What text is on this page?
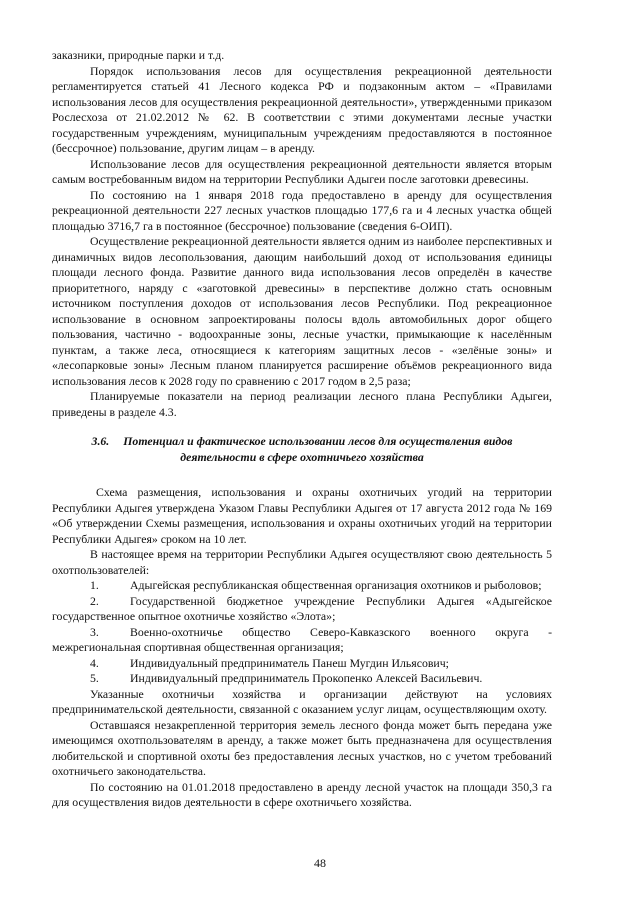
заказники, природные парки и т.д.

Порядок использования лесов для осуществления рекреационной деятельности регламентируется статьей 41 Лесного кодекса РФ и подзаконным актом – «Правилами использования лесов для осуществления рекреационной деятельности», утвержденными приказом Рослесхоза от 21.02.2012 № 62. В соответствии с этими документами лесные участки государственным учреждениям, муниципальным учреждениям предоставляются в постоянное (бессрочное) пользование, другим лицам – в аренду.

Использование лесов для осуществления рекреационной деятельности является вторым самым востребованным видом на территории Республики Адыгеи после заготовки древесины.

По состоянию на 1 января 2018 года предоставлено в аренду для осуществления рекреационной деятельности 227 лесных участков площадью 177,6 га и 4 лесных участка общей площадью 3716,7 га в постоянное (бессрочное) пользование (сведения 6-ОИП).

Осуществление рекреационной деятельности является одним из наиболее перспективных и динамичных видов лесопользования, дающим наибольший доход от использования единицы площади лесного фонда. Развитие данного вида использования лесов определён в качестве приоритетного, наряду с «заготовкой древесины» в перспективе должно стать основным источником поступления доходов от использования лесов Республики. Под рекреационное использование в основном запроектированы полосы вдоль автомобильных дорог общего пользования, частично - водоохранные зоны, лесные участки, примыкающие к населённым пунктам, а также леса, относящиеся к категориям защитных лесов - «зелёные зоны» и «лесопарковые зоны» Лесным планом планируется расширение объёмов рекреационного вида использования лесов к 2028 году по сравнению с 2017 годом в 2,5 раза;

Планируемые показатели на период реализации лесного плана Республики Адыгеи, приведены в разделе 4.3.

3.6. Потенциал и фактическое использовании лесов для осуществления видов деятельности в сфере охотничьего хозяйства

Схема размещения, использования и охраны охотничьих угодий на территории Республики Адыгея утверждена Указом Главы Республики Адыгея от 17 августа 2012 года № 169 «Об утверждении Схемы размещения, использования и охраны охотничьих угодий на территории Республики Адыгея» сроком на 10 лет.

В настоящее время на территории Республики Адыгея осуществляют свою деятельность 5 охотпользователей:

1.	Адыгейская республиканская общественная организация охотников и рыболовов;

2.	Государственной бюджетное учреждение Республики Адыгея «Адыгейское государственное опытное охотничье хозяйство «Элота»;

3.	Военно-охотничье общество Северо-Кавказского военного округа - межрегиональная спортивная общественная организация;

4.	Индивидуальный предприниматель Панеш Мугдин Ильясович;

5.	Индивидуальный предприниматель Прокопенко Алексей Васильевич.

Указанные охотничьи хозяйства и организации действуют на условиях предпринимательской деятельности, связанной с оказанием услуг лицам, осуществляющим охоту.

Оставшаяся незакрепленной территория земель лесного фонда может быть передана уже имеющимся охотпользователям в аренду, а также может быть предназначена для осуществления любительской и спортивной охоты без предоставления лесных участков, но с учетом требований охотничьего законодательства.

По состоянию на 01.01.2018 предоставлено в аренду лесной участок на площади 350,3 га для осуществления видов деятельности в сфере охотничьего хозяйства.

48
